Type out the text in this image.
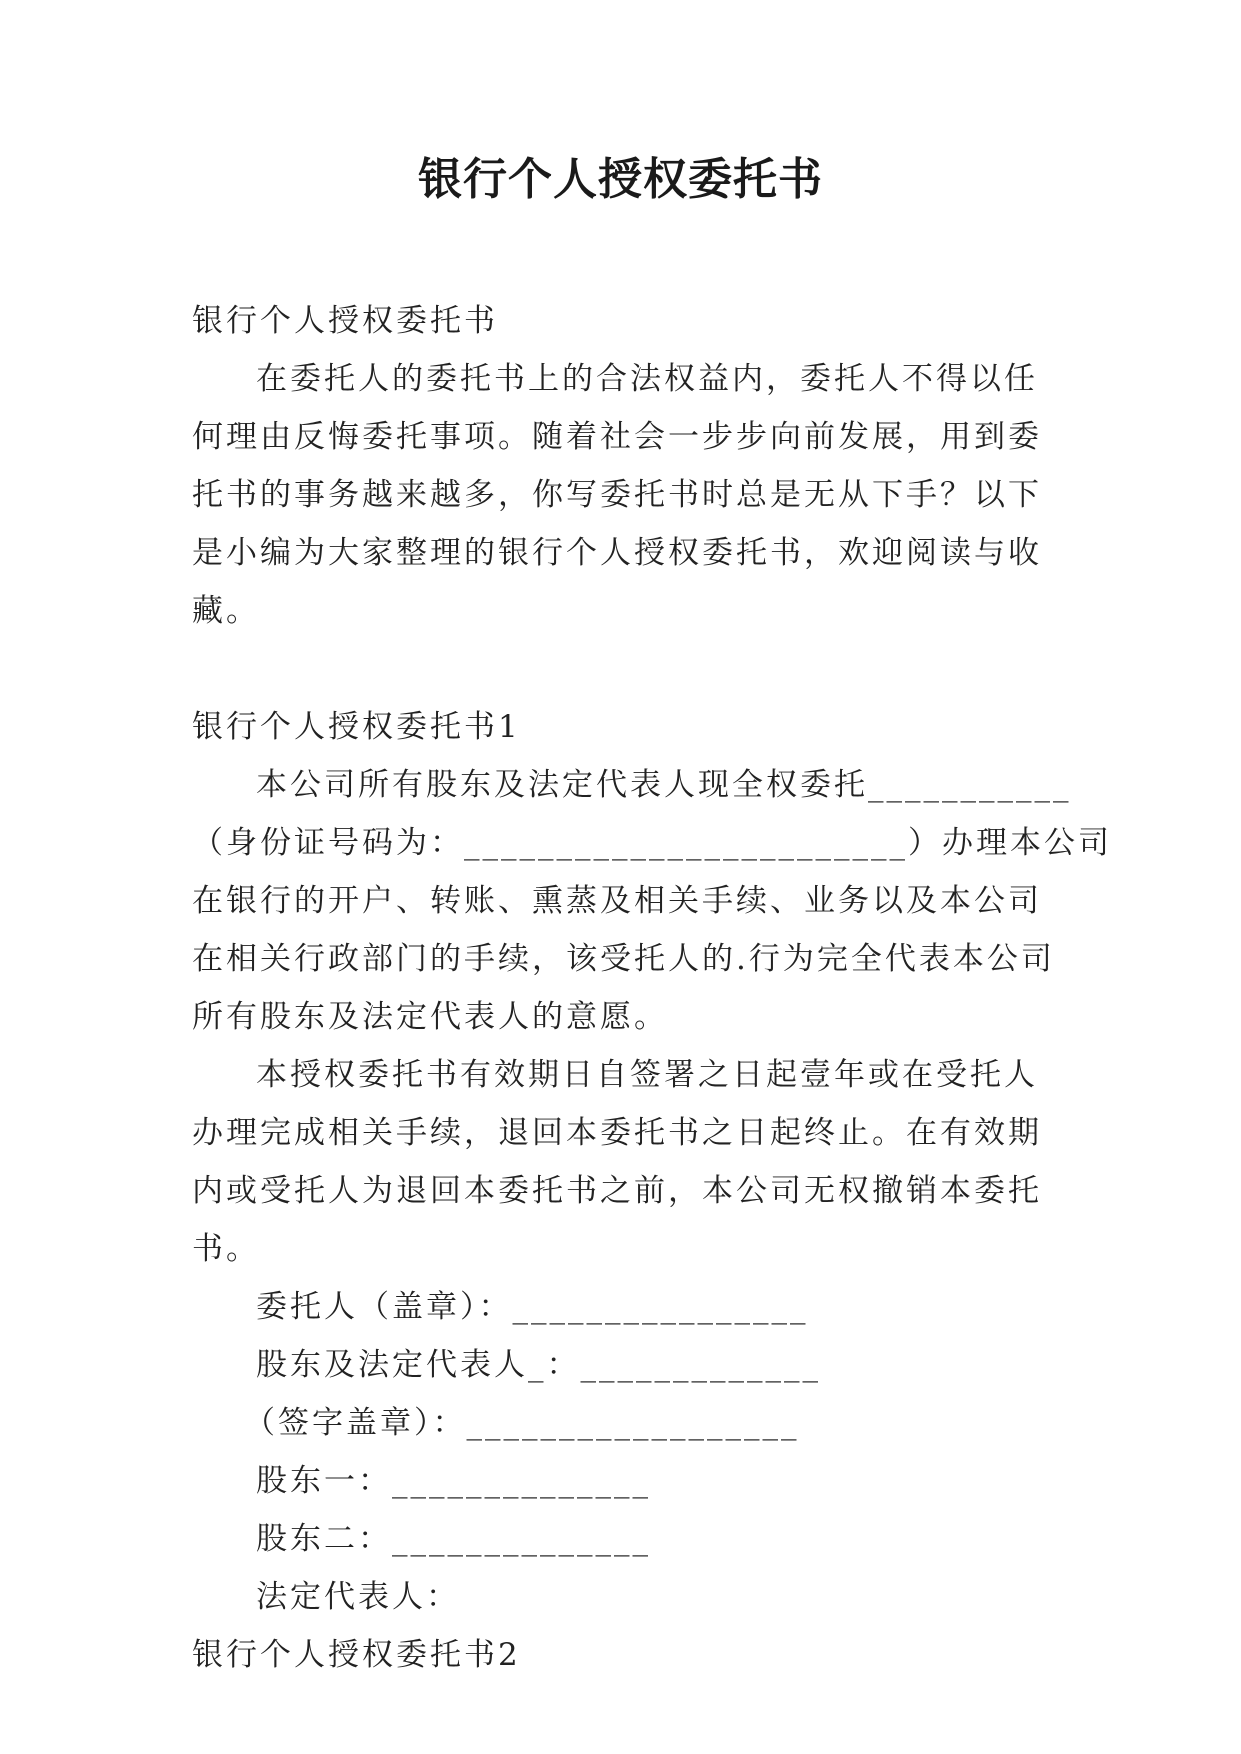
银行个人授权委托书

银行个人授权委托书

在委托人的委托书上的合法权益内，委托人不得以任何理由反悔委托事项。随着社会一步步向前发展，用到委托书的事务越来越多，你写委托书时总是无从下手？以下是小编为大家整理的银行个人授权委托书，欢迎阅读与收藏。

银行个人授权委托书1

本公司所有股东及法定代表人现全权委托___________

（身份证号码为：________________________）办理本公司

在银行的开户、转账、熏蒸及相关手续、业务以及本公司在相关行政部门的手续，该受托人的.行为完全代表本公司所有股东及法定代表人的意愿。

本授权委托书有效期日自签署之日起壹年或在受托人办理完成相关手续，退回本委托书之日起终止。在有效期内或受托人为退回本委托书之前，本公司无权撤销本委托书。

委托人（盖章）：________________

股东及法定代表人_：_____________

（签字盖章）：__________________

股东一：______________

股东二：______________

法定代表人：

银行个人授权委托书2
